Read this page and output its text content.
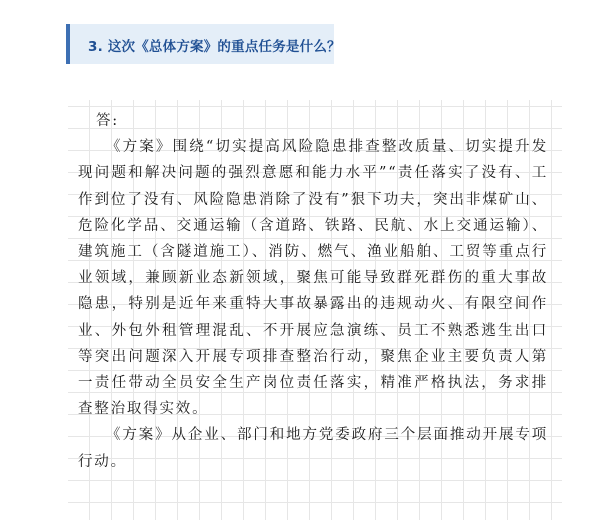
3. 这次《总体方案》的重点任务是什么？

答:

《方案》围绕“切实提高风险隐患排查整改质量、切实提升发现问题和解决问题的强烈意愿和能力水平”“责任落实了没有、工作到位了没有、风险隐患消除了没有”狠下功夫，突出非煤矿山、危险化学品、交通运输（含道路、铁路、民航、水上交通运输）、建筑施工（含隧道施工）、消防、燃气、渔业船舶、工贸等重点行业领域，兼顾新业态新领域，聚焦可能导致群死群伤的重大事故隐患，特别是近年来重特大事故暴露出的违规动火、有限空间作业、外包外租管理混乱、不开展应急演练、员工不熟悉逃生出口等突出问题深入开展专项排查整治行动，聚焦企业主要负责人第一责任带动全员安全生产岗位责任落实，精准严格执法，务求排查整治取得实效。

《方案》从企业、部门和地方党委政府三个层面推动开展专项行动。
